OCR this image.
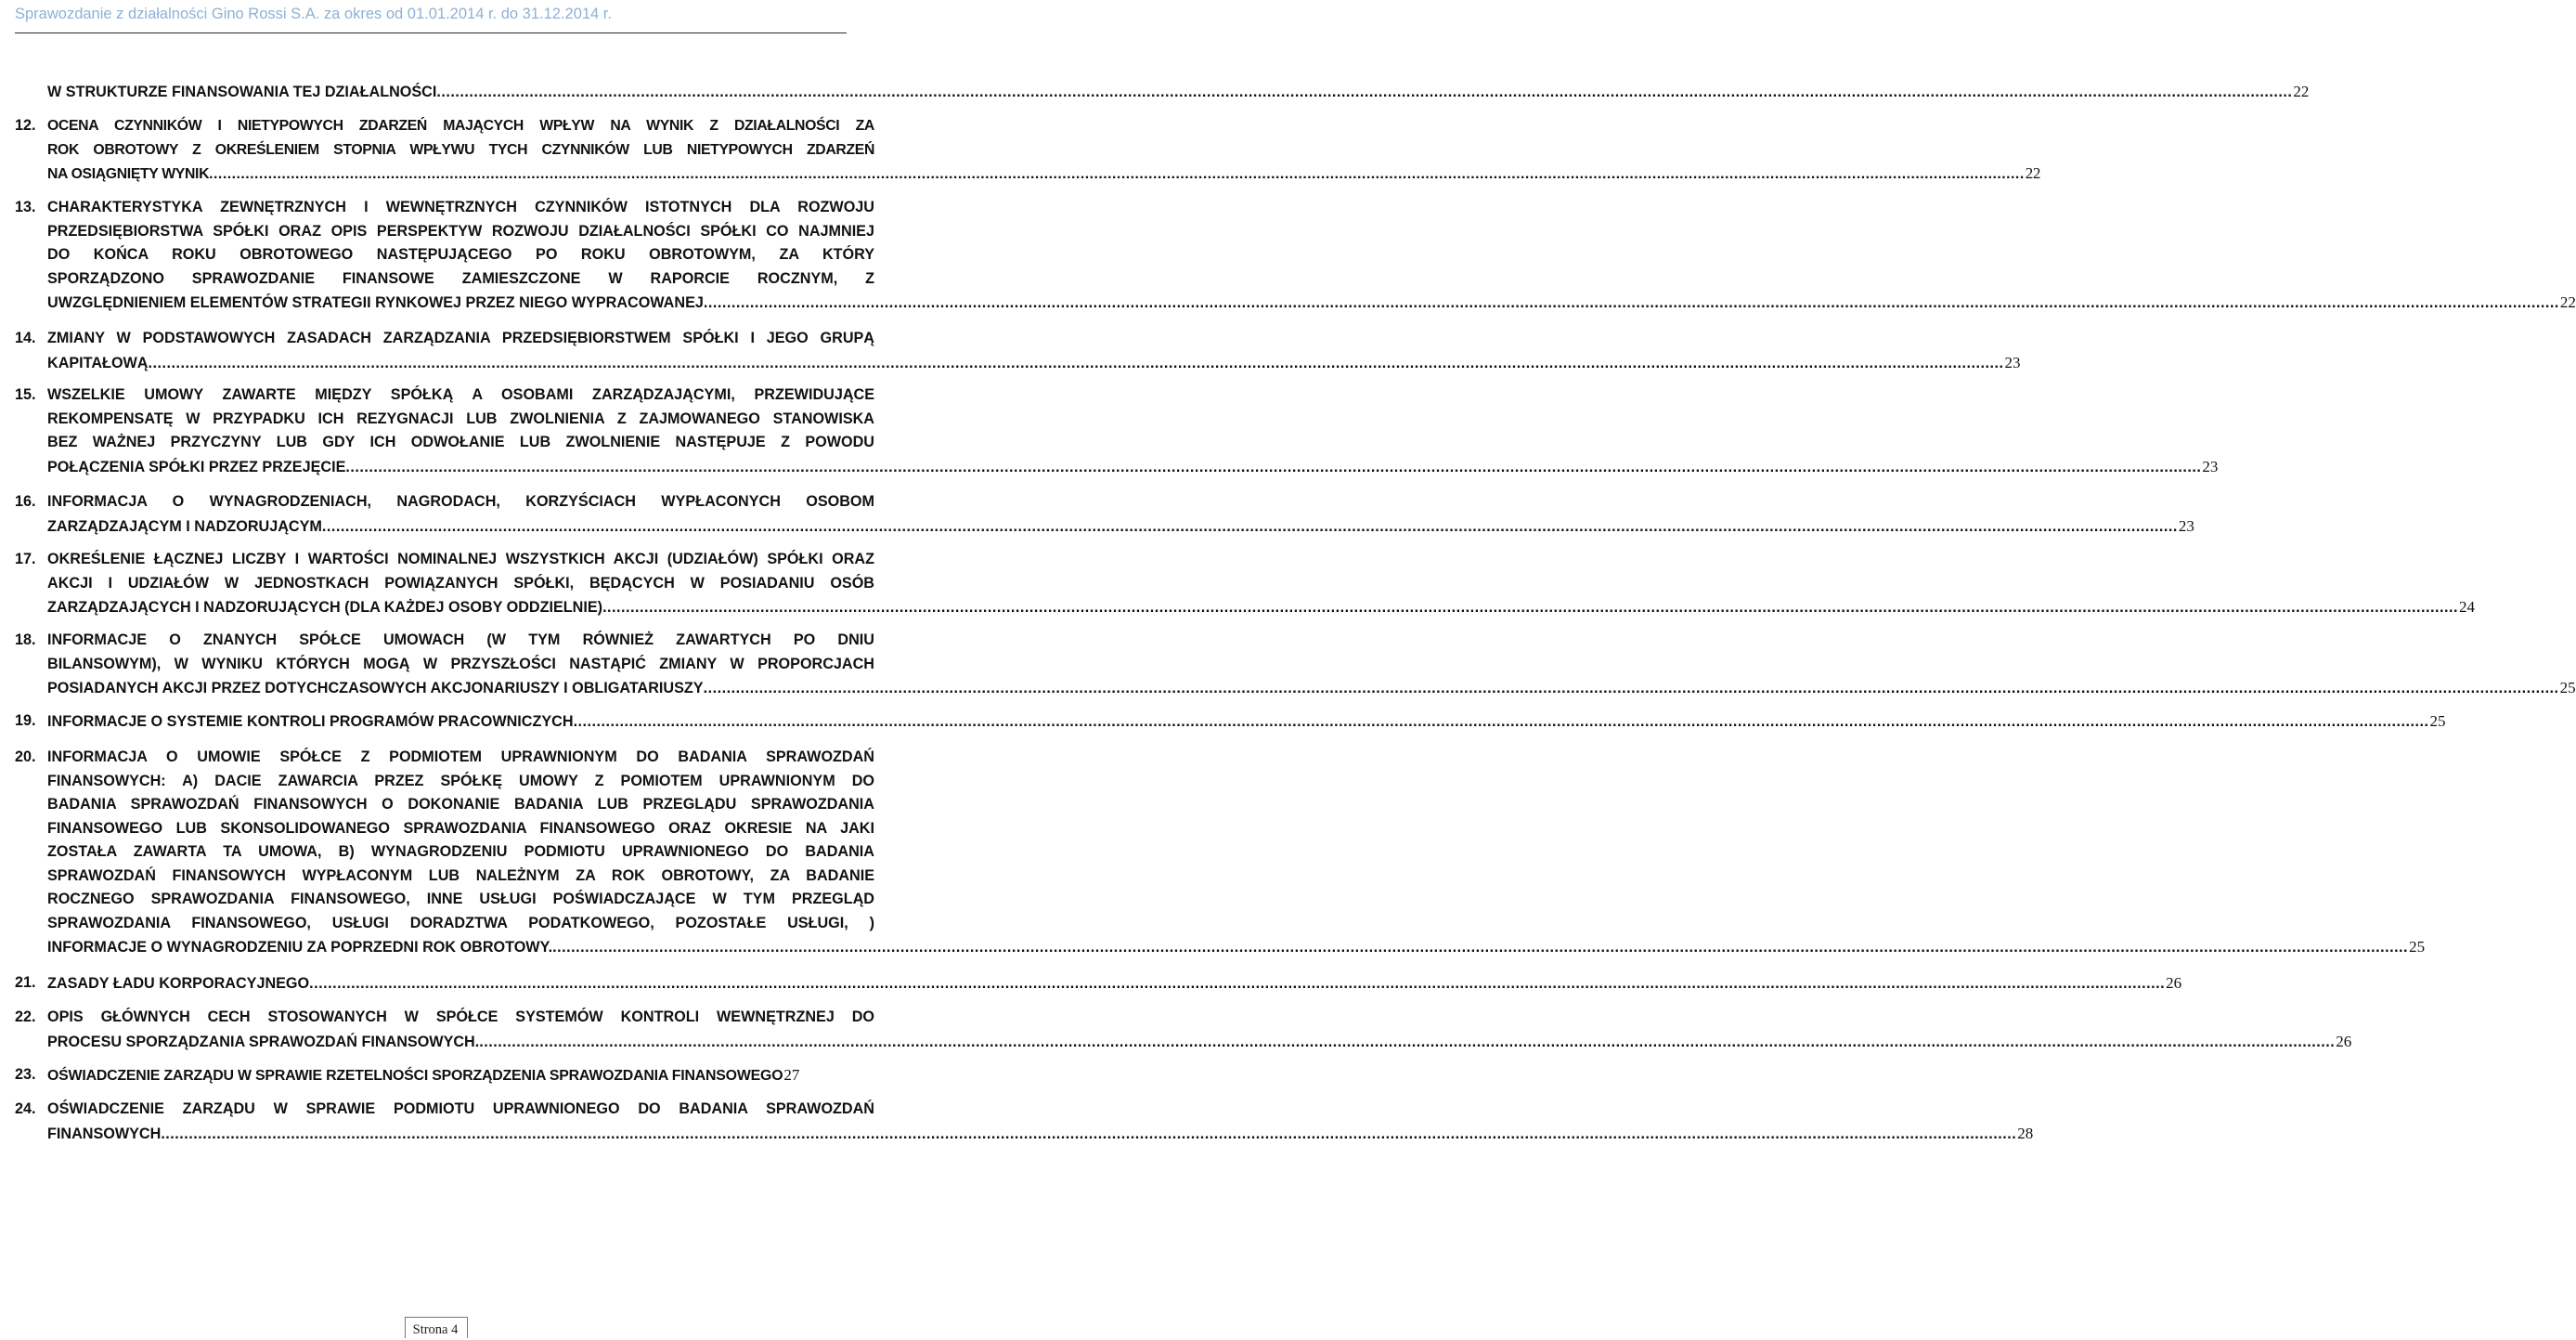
Sprawozdanie z działalności Gino Rossi S.A. za okres od 01.01.2014 r. do 31.12.2014 r.
W STRUKTURZE FINANSOWANIA TEJ DZIAŁALNOŚCI ................................................................................................................................................................................................................................................................................................................................................................................................................ 22
12. OCENA CZYNNIKÓW I NIETYPOWYCH ZDARZEŃ MAJĄCYCH WPŁYW NA WYNIK Z DZIAŁALNOŚCI ZA
ROK OBROTOWY Z OKREŚLENIEM STOPNIA WPŁYWU TYCH CZYNNIKÓW LUB NIETYPOWYCH ZDARZEŃ
NA OSIĄGNIĘTY WYNIK ................................................................................................................................................................................................................................................................................................................................................................................................................ 22
13. CHARAKTERYSTYKA ZEWNĘTRZNYCH I WEWNĘTRZNYCH CZYNNIKÓW ISTOTNYCH DLA ROZWOJU
PRZEDSIĘBIORSTWA SPÓŁKI ORAZ OPIS PERSPEKTYW ROZWOJU DZIAŁALNOŚCI SPÓŁKI CO NAJMNIEJ
DO KOŃCA ROKU OBROTOWEGO NASTĘPUJĄCEGO PO ROKU OBROTOWYM, ZA KTÓRY
SPORZĄDZONO SPRAWOZDANIE FINANSOWE ZAMIESZCZONE W RAPORCIE ROCZNYM, Z
UWZGLĘDNIENIEM ELEMENTÓW STRATEGII RYNKOWEJ PRZEZ NIEGO WYPRACOWANEJ ................................................................................................................................................................................................................................................................................................................................................................................................................ 22
14. ZMIANY W PODSTAWOWYCH ZASADACH ZARZĄDZANIA PRZEDSIĘBIORSTWEM SPÓŁKI I JEGO GRUPĄ
KAPITAŁOWĄ ................................................................................................................................................................................................................................................................................................................................................................................................................ 23
15. WSZELKIE UMOWY ZAWARTE MIĘDZY SPÓŁKĄ A OSOBAMI ZARZĄDZAJĄCYMI, PRZEWIDUJĄCE
REKOMPENSATĘ W PRZYPADKU ICH REZYGNACJI LUB ZWOLNIENIA Z ZAJMOWANEGO STANOWISKA
BEZ WAŻNEJ PRZYCZYNY LUB GDY ICH ODWOŁANIE LUB ZWOLNIENIE NASTĘPUJE Z POWODU
POŁĄCZENIA SPÓŁKI PRZEZ PRZEJĘCIE ................................................................................................................................................................................................................................................................................................................................................................................................................ 23
16. INFORMACJA O WYNAGRODZENIACH, NAGRODACH, KORZYŚCIACH WYPŁACONYCH OSOBOM
ZARZĄDZAJĄCYM I NADZORUJĄCYM ................................................................................................................................................................................................................................................................................................................................................................................................................ 23
17. OKREŚLENIE ŁĄCZNEJ LICZBY I WARTOŚCI NOMINALNEJ WSZYSTKICH AKCJI (UDZIAŁÓW) SPÓŁKI ORAZ
AKCJI I UDZIAŁÓW W JEDNOSTKACH POWIĄZANYCH SPÓŁKI, BĘDĄCYCH W POSIADANIU OSÓB
ZARZĄDZAJĄCYCH I NADZORUJĄCYCH (DLA KAŻDEJ OSOBY ODDZIELNIE) ................................................................................................................................................................................................................................................................................................................................................................................................................ 24
18. INFORMACJE O ZNANYCH SPÓŁCE UMOWACH (W TYM RÓWNIEŻ ZAWARTYCH PO DNIU
BILANSOWYM), W WYNIKU KTÓRYCH MOGĄ W PRZYSZŁOŚCI NASTĄPIĆ ZMIANY W PROPORCJACH
POSIADANYCH AKCJI PRZEZ DOTYCHCZASOWYCH AKCJONARIUSZY I OBLIGATARIUSZY ................................................................................................................................................................................................................................................................................................................................................................................................................ 25
19. INFORMACJE O SYSTEMIE KONTROLI PROGRAMÓW PRACOWNICZYCH ................................................................................................................................................................................................................................................................................................................................................................................................................ 25
20. INFORMACJA O UMOWIE SPÓŁCE Z PODMIOTEM UPRAWNIONYM DO BADANIA SPRAWOZDAŃ
FINANSOWYCH: A) DACIE ZAWARCIA PRZEZ SPÓŁKĘ UMOWY Z POMIOTEM UPRAWNIONYM DO
BADANIA SPRAWOZDAŃ FINANSOWYCH O DOKONANIE BADANIA LUB PRZEGLĄDU SPRAWOZDANIA
FINANSOWEGO LUB SKONSOLIDOWANEGO SPRAWOZDANIA FINANSOWEGO ORAZ OKRESIE NA JAKI
ZOSTAŁA ZAWARTA TA UMOWA, B) WYNAGRODZENIU PODMIOTU UPRAWNIONEGO DO BADANIA
SPRAWOZDAŃ FINANSOWYCH WYPŁACONYM LUB NALEŻNYM ZA ROK OBROTOWY, ZA BADANIE
ROCZNEGO SPRAWOZDANIA FINANSOWEGO, INNE USŁUGI POŚWIADCZAJĄCE W TYM PRZEGLĄD
SPRAWOZDANIA FINANSOWEGO, USŁUGI DORADZTWA PODATKOWEGO, POZOSTAŁE USŁUGI, )
INFORMACJE O WYNAGRODZENIU ZA POPRZEDNI ROK OBROTOWY. ................................................................................................................................................................................................................................................................................................................................................................................................................ 25
21. ZASADY ŁADU KORPORACYJNEGO ................................................................................................................................................................................................................................................................................................................................................................................................................ 26
22. OPIS GŁÓWNYCH CECH STOSOWANYCH W SPÓŁCE SYSTEMÓW KONTROLI WEWNĘTRZNEJ DO
PROCESU SPORZĄDZANIA SPRAWOZDAŃ FINANSOWYCH. ................................................................................................................................................................................................................................................................................................................................................................................................................ 26
23. OŚWIADCZENIE ZARZĄDU W SPRAWIE RZETELNOŚCI SPORZĄDZENIA SPRAWOZDANIA FINANSOWEGO 27
24. OŚWIADCZENIE ZARZĄDU W SPRAWIE PODMIOTU UPRAWNIONEGO DO BADANIA SPRAWOZDAŃ
FINANSOWYCH ................................................................................................................................................................................................................................................................................................................................................................................................................ 28
Strona 4
